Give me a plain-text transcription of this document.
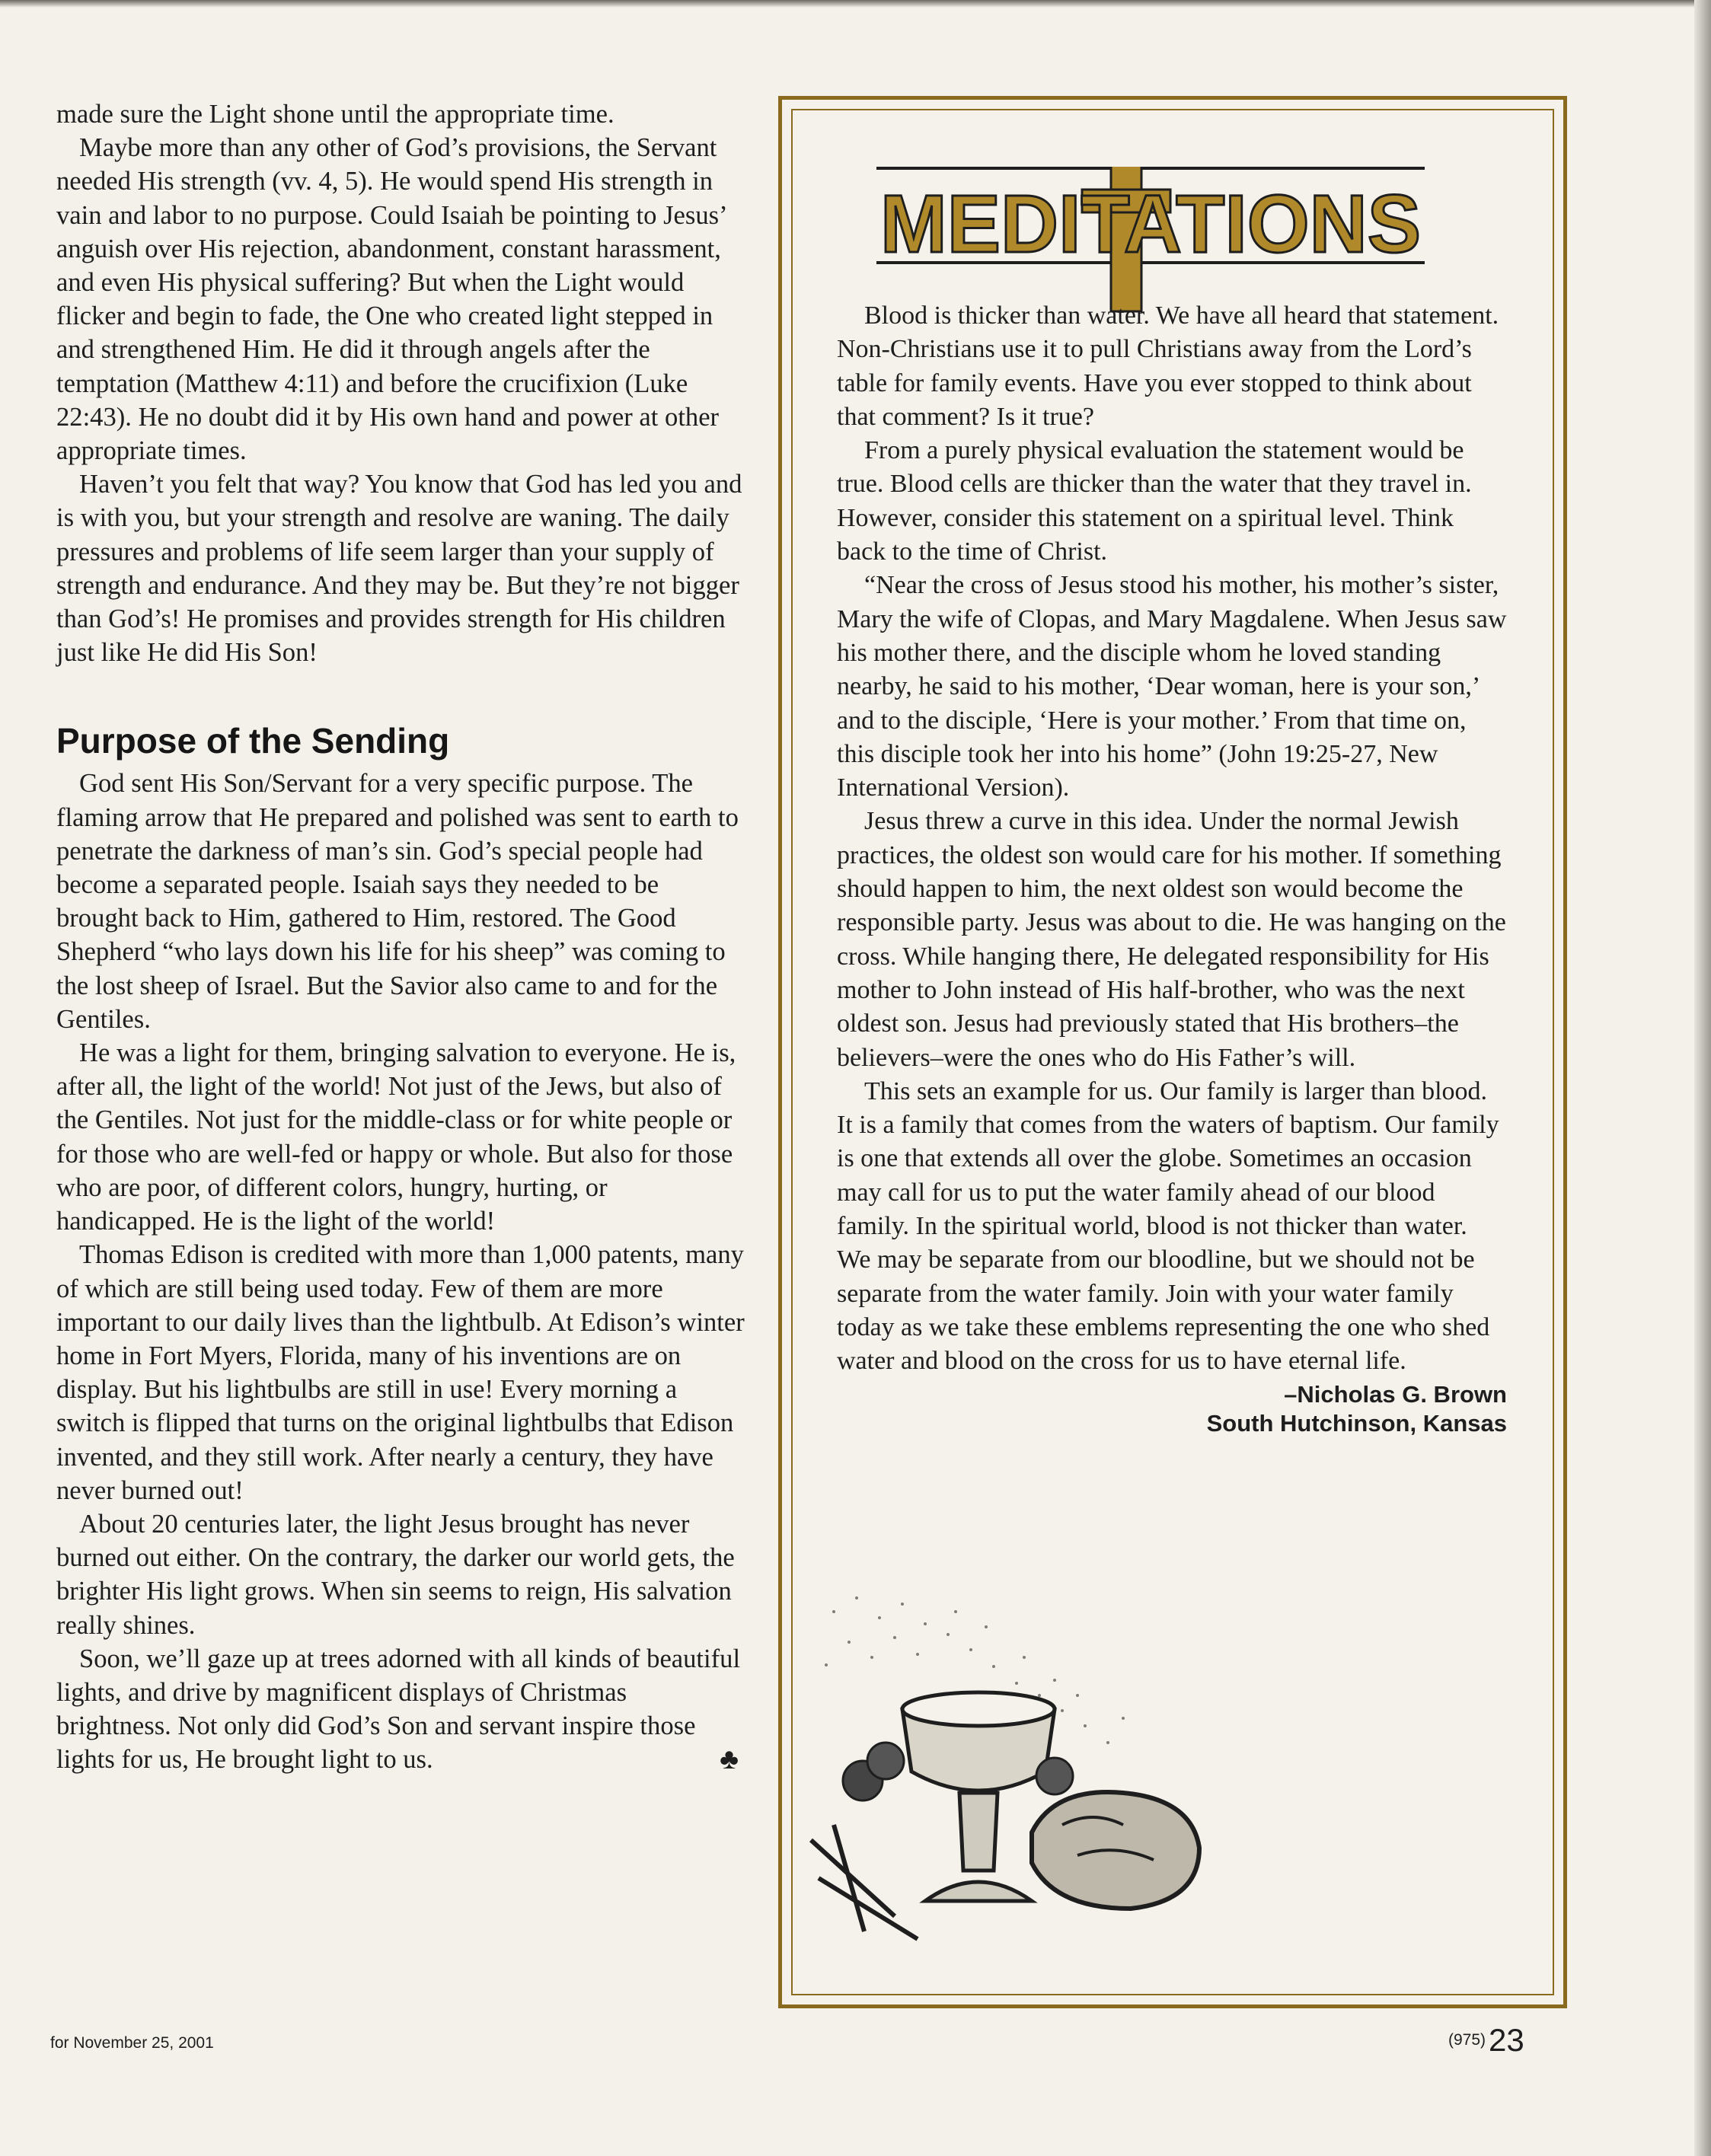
made sure the Light shone until the appropriate time.

Maybe more than any other of God’s provisions, the Servant needed His strength (vv. 4, 5). He would spend His strength in vain and labor to no purpose. Could Isaiah be pointing to Jesus’ anguish over His rejection, abandonment, constant harassment, and even His physical suffering? But when the Light would flicker and begin to fade, the One who created light stepped in and strengthened Him. He did it through angels after the temptation (Matthew 4:11) and before the crucifixion (Luke 22:43). He no doubt did it by His own hand and power at other appropriate times.

Haven’t you felt that way? You know that God has led you and is with you, but your strength and resolve are waning. The daily pressures and problems of life seem larger than your supply of strength and endurance. And they may be. But they’re not bigger than God’s! He promises and provides strength for His children just like He did His Son!

Purpose of the Sending

God sent His Son/Servant for a very specific purpose. The flaming arrow that He prepared and polished was sent to earth to penetrate the darkness of man’s sin. God’s special people had become a separated people. Isaiah says they needed to be brought back to Him, gathered to Him, restored. The Good Shepherd “who lays down his life for his sheep” was coming to the lost sheep of Israel. But the Savior also came to and for the Gentiles.

He was a light for them, bringing salvation to everyone. He is, after all, the light of the world! Not just of the Jews, but also of the Gentiles. Not just for the middle-class or for white people or for those who are well-fed or happy or whole. But also for those who are poor, of different colors, hungry, hurting, or handicapped. He is the light of the world!

Thomas Edison is credited with more than 1,000 patents, many of which are still being used today. Few of them are more important to our daily lives than the lightbulb. At Edison’s winter home in Fort Myers, Florida, many of his inventions are on display. But his lightbulbs are still in use! Every morning a switch is flipped that turns on the original lightbulbs that Edison invented, and they still work. After nearly a century, they have never burned out!

About 20 centuries later, the light Jesus brought has never burned out either. On the contrary, the darker our world gets, the brighter His light grows. When sin seems to reign, His salvation really shines.

Soon, we’ll gaze up at trees adorned with all kinds of beautiful lights, and drive by magnificent displays of Christmas brightness. Not only did God’s Son and servant inspire those lights for us, He brought light to us.	♣

MEDITATIONS

Blood is thicker than water. We have all heard that statement. Non-Christians use it to pull Christians away from the Lord’s table for family events. Have you ever stopped to think about that comment? Is it true?

From a purely physical evaluation the statement would be true. Blood cells are thicker than the water that they travel in. However, consider this statement on a spiritual level. Think back to the time of Christ.

“Near the cross of Jesus stood his mother, his mother’s sister, Mary the wife of Clopas, and Mary Magdalene. When Jesus saw his mother there, and the disciple whom he loved standing nearby, he said to his mother, ‘Dear woman, here is your son,’ and to the disciple, ‘Here is your mother.’ From that time on, this disciple took her into his home” (John 19:25-27, New International Version).

Jesus threw a curve in this idea. Under the normal Jewish practices, the oldest son would care for his mother. If something should happen to him, the next oldest son would become the responsible party. Jesus was about to die. He was hanging on the cross. While hanging there, He delegated responsibility for His mother to John instead of His half-brother, who was the next oldest son. Jesus had previously stated that His brothers–the believers–were the ones who do His Father’s will.

This sets an example for us. Our family is larger than blood. It is a family that comes from the waters of baptism. Our family is one that extends all over the globe. Sometimes an occasion may call for us to put the water family ahead of our blood family. In the spiritual world, blood is not thicker than water. We may be separate from our bloodline, but we should not be separate from the water family. Join with your water family today as we take these emblems representing the one who shed water and blood on the cross for us to have eternal life.

–Nicholas G. Brown
South Hutchinson, Kansas
for November 25, 2001	(975)23
